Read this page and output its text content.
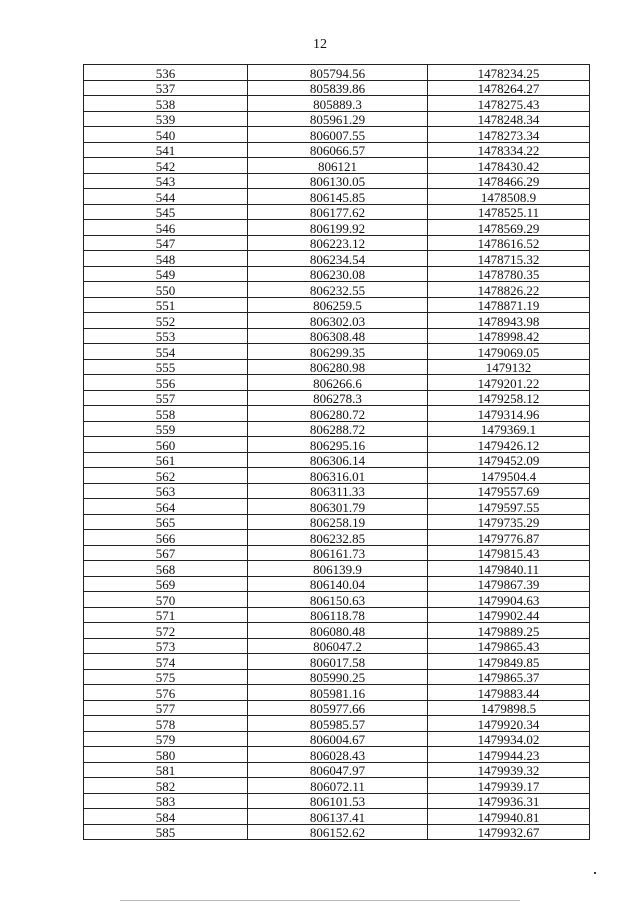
12
536	805794.56	1478234.25
537	805839.86	1478264.27
538	805889.3	1478275.43
539	805961.29	1478248.34
540	806007.55	1478273.34
541	806066.57	1478334.22
542	806121	1478430.42
543	806130.05	1478466.29
544	806145.85	1478508.9
545	806177.62	1478525.11
546	806199.92	1478569.29
547	806223.12	1478616.52
548	806234.54	1478715.32
549	806230.08	1478780.35
550	806232.55	1478826.22
551	806259.5	1478871.19
552	806302.03	1478943.98
553	806308.48	1478998.42
554	806299.35	1479069.05
555	806280.98	1479132
556	806266.6	1479201.22
557	806278.3	1479258.12
558	806280.72	1479314.96
559	806288.72	1479369.1
560	806295.16	1479426.12
561	806306.14	1479452.09
562	806316.01	1479504.4
563	806311.33	1479557.69
564	806301.79	1479597.55
565	806258.19	1479735.29
566	806232.85	1479776.87
567	806161.73	1479815.43
568	806139.9	1479840.11
569	806140.04	1479867.39
570	806150.63	1479904.63
571	806118.78	1479902.44
572	806080.48	1479889.25
573	806047.2	1479865.43
574	806017.58	1479849.85
575	805990.25	1479865.37
576	805981.16	1479883.44
577	805977.66	1479898.5
578	805985.57	1479920.34
579	806004.67	1479934.02
580	806028.43	1479944.23
581	806047.97	1479939.32
582	806072.11	1479939.17
583	806101.53	1479936.31
584	806137.41	1479940.81
585	806152.62	1479932.67
